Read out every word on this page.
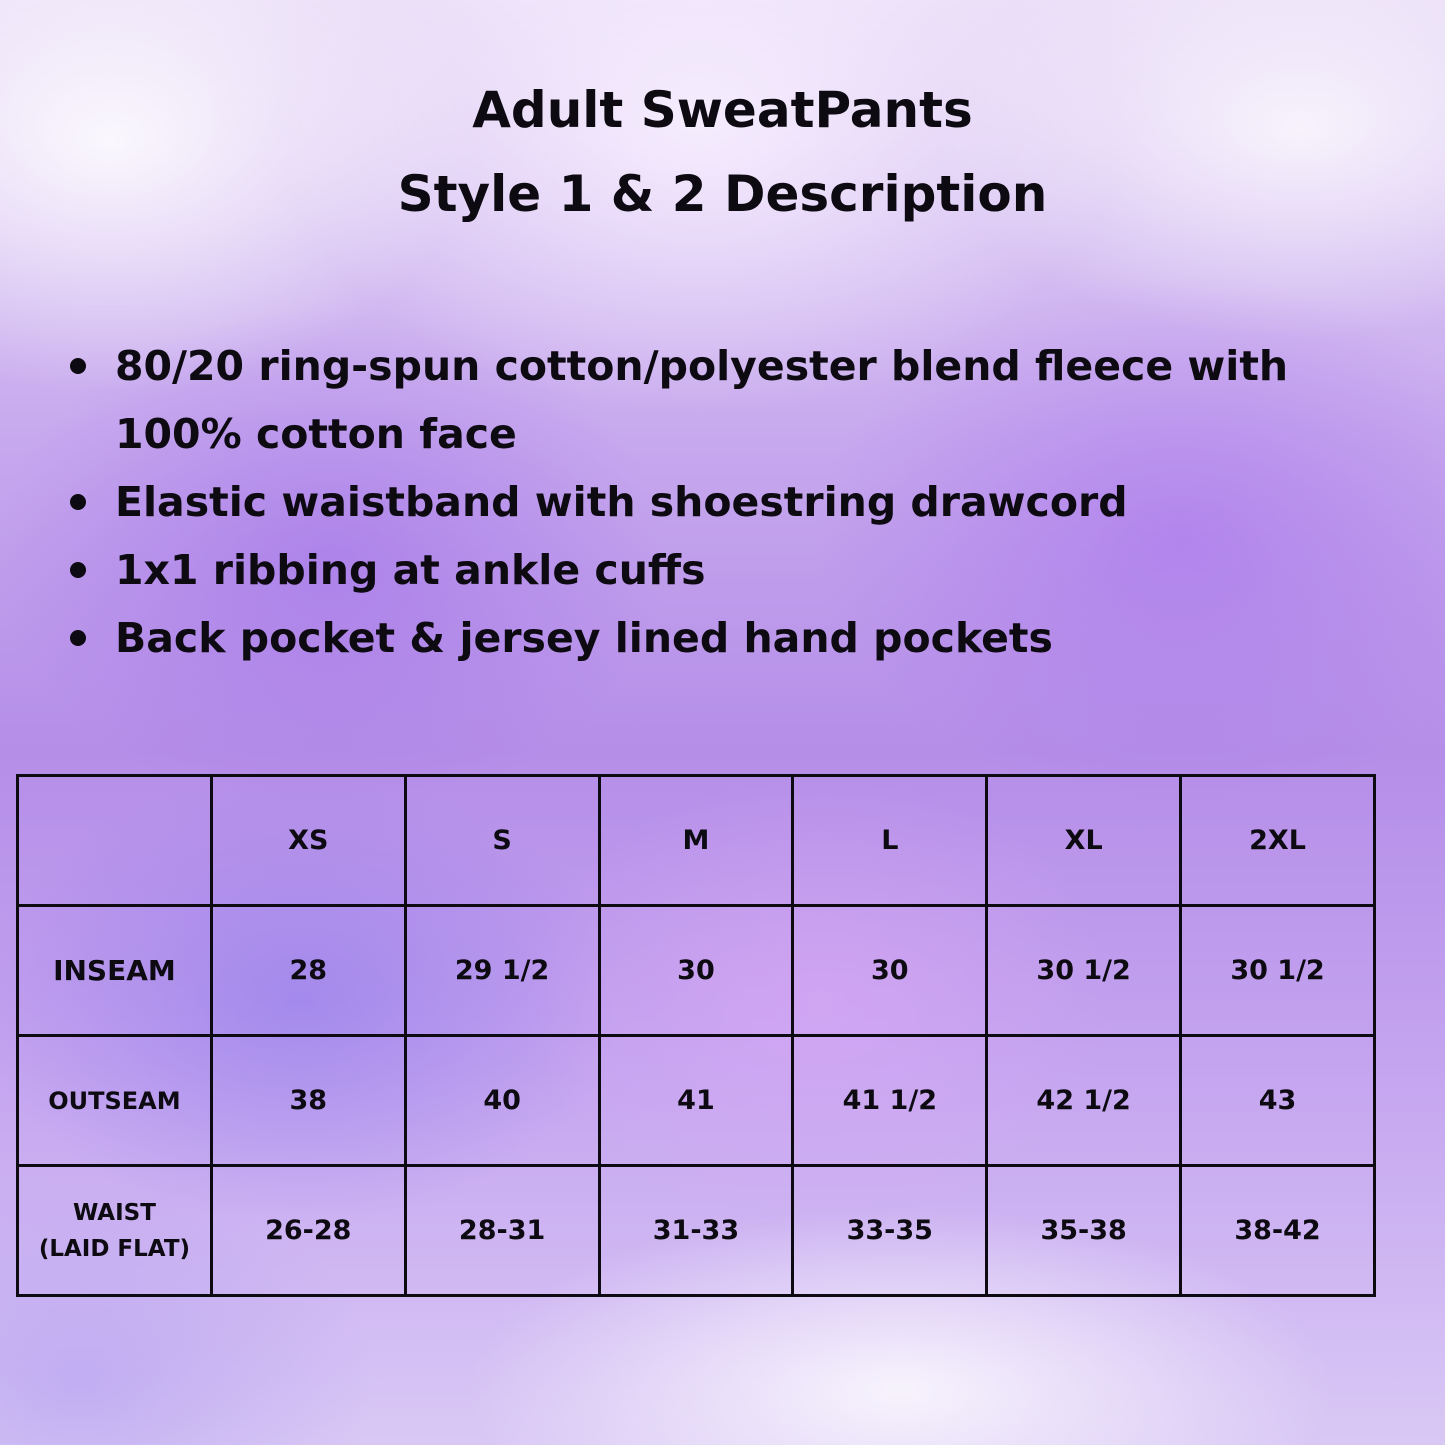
Adult SweatPants
Style 1 & 2 Description
80/20 ring-spun cotton/polyester blend fleece with 100% cotton face
Elastic waistband with shoestring drawcord
1x1 ribbing at ankle cuffs
Back pocket & jersey lined hand pockets
	XS	S	M	L	XL	2XL
INSEAM	28	29 1/2	30	30	30 1/2	30 1/2
OUTSEAM	38	40	41	41 1/2	42 1/2	43

WAIST
(LAID FLAT)	26-28	28-31	31-33	33-35	35-38	38-42
